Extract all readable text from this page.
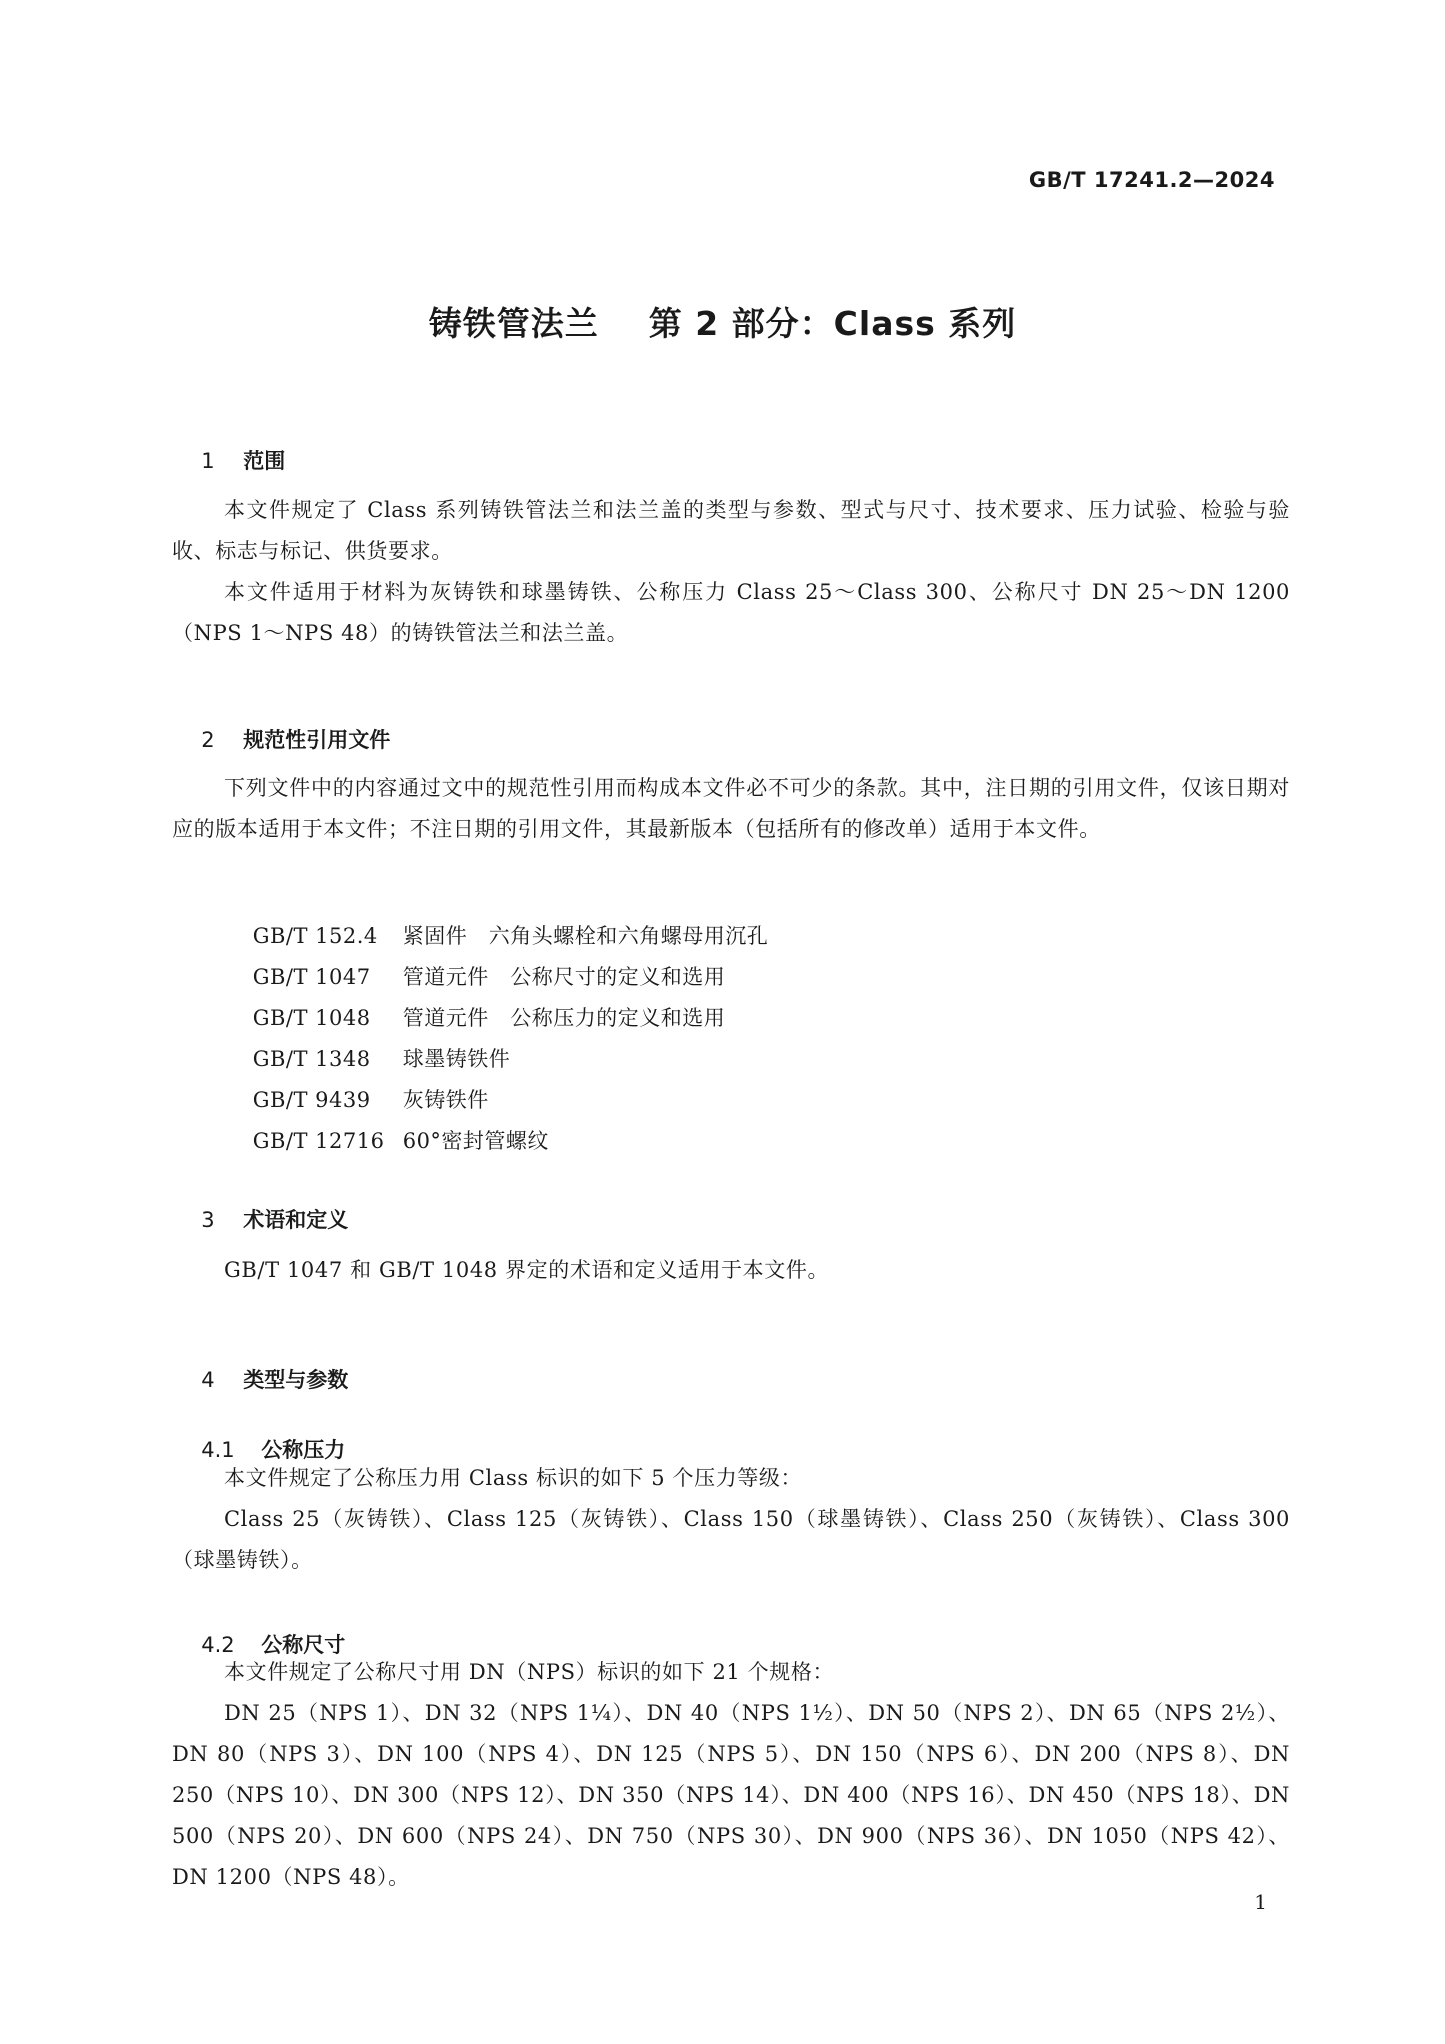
GB/T 17241.2—2024
铸铁管法兰    第 2 部分：Class 系列

1 范围

本文件规定了 Class 系列铸铁管法兰和法兰盖的类型与参数、型式与尺寸、技术要求、压力试验、检验与验收、标志与标记、供货要求。
本文件适用于材料为灰铸铁和球墨铸铁、公称压力 Class 25～Class 300、公称尺寸 DN 25～DN 1200（NPS 1～NPS 48）的铸铁管法兰和法兰盖。

2 规范性引用文件

下列文件中的内容通过文中的规范性引用而构成本文件必不可少的条款。其中，注日期的引用文件，仅该日期对应的版本适用于本文件；不注日期的引用文件，其最新版本（包括所有的修改单）适用于本文件。

GB/T 152.4 紧固件　六角头螺栓和六角螺母用沉孔

GB/T 1047 管道元件　公称尺寸的定义和选用

GB/T 1048 管道元件　公称压力的定义和选用

GB/T 1348 球墨铸铁件

GB/T 9439 灰铸铁件

GB/T 12716 60°密封管螺纹

3 术语和定义

GB/T 1047 和 GB/T 1048 界定的术语和定义适用于本文件。

4 类型与参数

4.1 公称压力

本文件规定了公称压力用 Class 标识的如下 5 个压力等级：
Class 25（灰铸铁）、Class 125（灰铸铁）、Class 150（球墨铸铁）、Class 250（灰铸铁）、Class 300（球墨铸铁）。

4.2 公称尺寸

本文件规定了公称尺寸用 DN（NPS）标识的如下 21 个规格：
DN 25（NPS 1）、DN 32（NPS 1¼）、DN 40（NPS 1½）、DN 50（NPS 2）、DN 65（NPS 2½）、DN 80（NPS 3）、DN 100（NPS 4）、DN 125（NPS 5）、DN 150（NPS 6）、DN 200（NPS 8）、DN 250（NPS 10）、DN 300（NPS 12）、DN 350（NPS 14）、DN 400（NPS 16）、DN 450（NPS 18）、DN 500（NPS 20）、DN 600（NPS 24）、DN 750（NPS 30）、DN 900（NPS 36）、DN 1050（NPS 42）、DN 1200（NPS 48）。
1
